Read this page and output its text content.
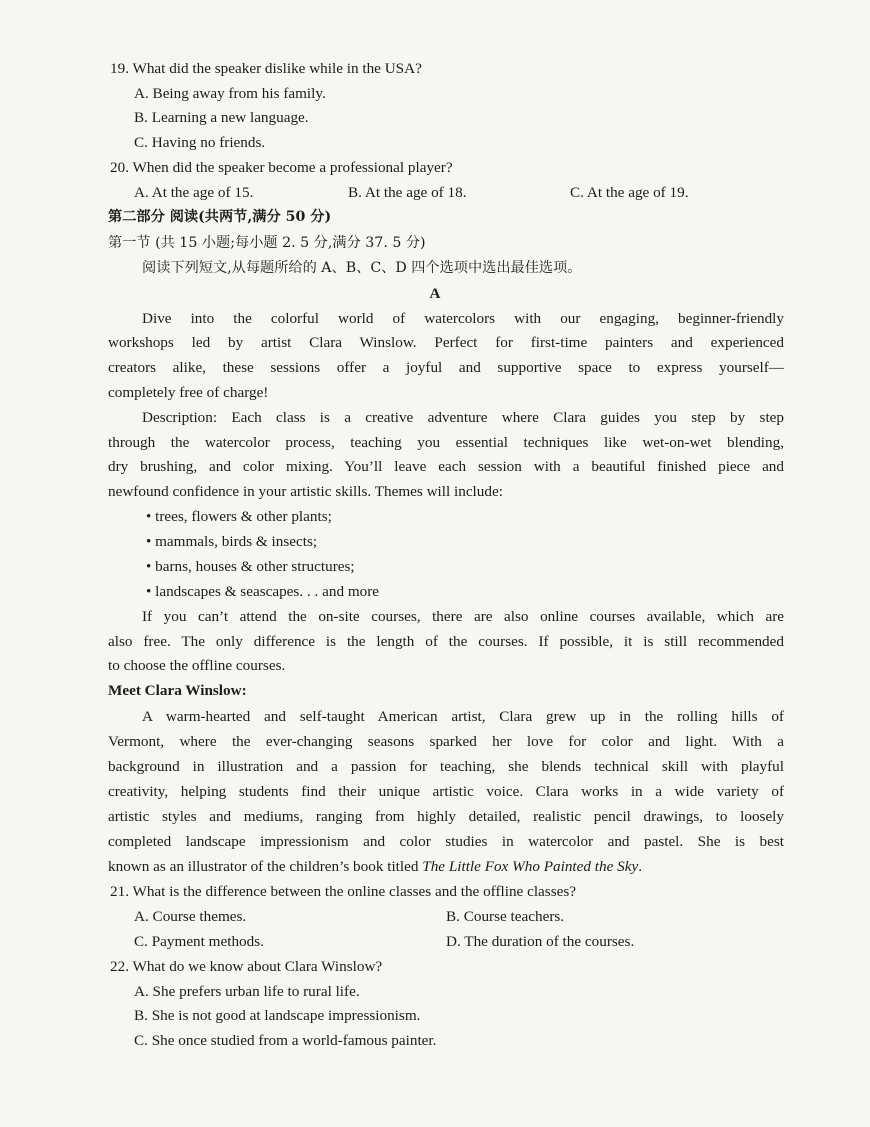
19. What did the speaker dislike while in the USA?
A. Being away from his family.
B. Learning a new language.
C. Having no friends.
20. When did the speaker become a professional player?
A. At the age of 15.	B. At the age of 18.	C. At the age of 19.
第二部分 阅读(共两节,满分 50 分)
第一节 (共 15 小题;每小题 2. 5 分,满分 37. 5 分)
阅读下列短文,从每题所给的 A、B、C、D 四个选项中选出最佳选项。
A
Dive into the colorful world of watercolors with our engaging, beginner-friendly
workshops led by artist Clara Winslow. Perfect for first-time painters and experienced
creators alike, these sessions offer a joyful and supportive space to express yourself—
completely free of charge!
Description: Each class is a creative adventure where Clara guides you step by step
through the watercolor process, teaching you essential techniques like wet-on-wet blending,
dry brushing, and color mixing. You’ll leave each session with a beautiful finished piece and
newfound confidence in your artistic skills. Themes will include:
• trees, flowers & other plants;
• mammals, birds & insects;
• barns, houses & other structures;
• landscapes & seascapes. . . and more
If you can’t attend the on-site courses, there are also online courses available, which are
also free. The only difference is the length of the courses. If possible, it is still recommended
to choose the offline courses.
Meet Clara Winslow:
A warm-hearted and self-taught American artist, Clara grew up in the rolling hills of
Vermont, where the ever-changing seasons sparked her love for color and light. With a
background in illustration and a passion for teaching, she blends technical skill with playful
creativity, helping students find their unique artistic voice. Clara works in a wide variety of
artistic styles and mediums, ranging from highly detailed, realistic pencil drawings, to loosely
completed landscape impressionism and color studies in watercolor and pastel. She is best
known as an illustrator of the children’s book titled The Little Fox Who Painted the Sky.
21. What is the difference between the online classes and the offline classes?
A. Course themes.	B. Course teachers.
C. Payment methods.	D. The duration of the courses.
22. What do we know about Clara Winslow?
A. She prefers urban life to rural life.
B. She is not good at landscape impressionism.
C. She once studied from a world-famous painter.
